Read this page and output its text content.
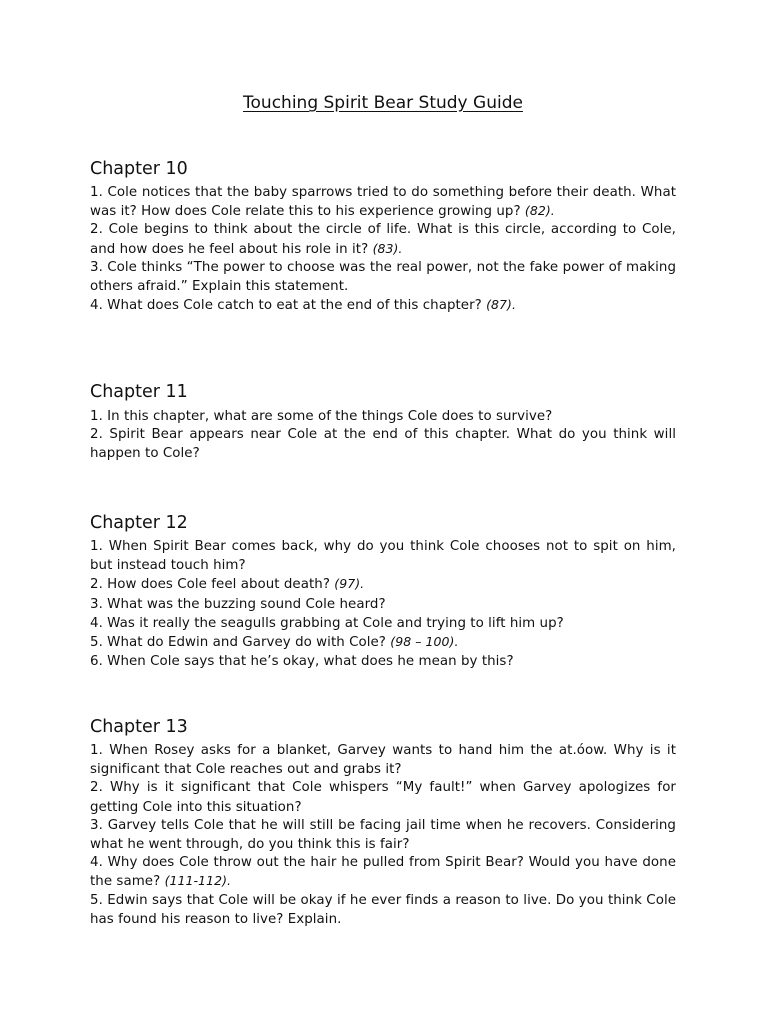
Touching Spirit Bear Study Guide
Chapter 10
1. Cole notices that the baby sparrows tried to do something before their death. What was it? How does Cole relate this to his experience growing up? (82).
2. Cole begins to think about the circle of life. What is this circle, according to Cole, and how does he feel about his role in it? (83).
3. Cole thinks “The power to choose was the real power, not the fake power of making others afraid.” Explain this statement.
4. What does Cole catch to eat at the end of this chapter? (87).
Chapter 11
1. In this chapter, what are some of the things Cole does to survive?
2. Spirit Bear appears near Cole at the end of this chapter. What do you think will happen to Cole?
Chapter 12
1. When Spirit Bear comes back, why do you think Cole chooses not to spit on him, but instead touch him?
2. How does Cole feel about death? (97).
3. What was the buzzing sound Cole heard?
4. Was it really the seagulls grabbing at Cole and trying to lift him up?
5. What do Edwin and Garvey do with Cole? (98 – 100).
6. When Cole says that he’s okay, what does he mean by this?
Chapter 13
1. When Rosey asks for a blanket, Garvey wants to hand him the at.óow. Why is it significant that Cole reaches out and grabs it?
2. Why is it significant that Cole whispers “My fault!” when Garvey apologizes for getting Cole into this situation?
3. Garvey tells Cole that he will still be facing jail time when he recovers. Considering what he went through, do you think this is fair?
4. Why does Cole throw out the hair he pulled from Spirit Bear? Would you have done the same? (111-112).
5. Edwin says that Cole will be okay if he ever finds a reason to live. Do you think Cole has found his reason to live? Explain.
